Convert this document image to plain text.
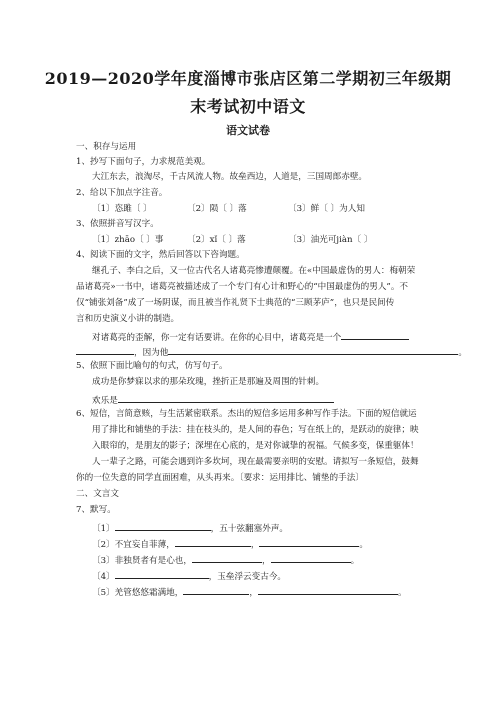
2019—2020学年度淄博市张店区第二学期初三年级期
末考试初中语文
语文试卷
一、积存与运用
1、抄写下面句子，力求规范美观。
大江东去，浪淘尽，千古风流人物。故垒西边，人道是，三国周郎赤壁。
2、给以下加点字注音。
〔1〕恣雎〔 〕	〔2〕陨〔 〕落	〔3〕鲜〔 〕为人知
3、依照拼音写汉字。
〔1〕zhāo〔 〕事	〔2〕xǐ〔 〕落	〔3〕油光可jiàn〔 〕
4、阅读下面的文字，然后回答以下咨询题。
继孔子、李白之后，又一位古代名人诸葛亮惨遭颠覆。在«中国最虚伪的男人：梅朝荣
品诸葛亮»一书中，诸葛亮被描述成了一个专门有心计和野心的“中国最虚伪的男人”。不
仅“铺张刘备”成了一场阴谋，而且被当作礼贤下士典范的“三顾茅庐”，也只是民间传
言和历史演义小讲的制造。
对诸葛亮的歪解，你一定有话要讲。在你的心目中，诸葛亮是一个
，因为他	。
5、依照下面比喻句的句式，仿写句子。
成功是你梦寐以求的那朵玫瑰，挫折正是那遍及周围的针刺。
欢乐是
6、短信，言简意赅，与生活紧密联系。杰出的短信多运用多种写作手法。下面的短信就运
用了排比和铺垫的手法：挂在枝头的，是人间的春色；写在纸上的，是跃动的旋律；映
入眼帘的，是朋友的影子；深埋在心底的，是对你诚挚的祝福。气候多变，保重躯体！
人一辈子之路，可能会遇到许多坎坷，现在最需要亲明的安慰。请拟写一条短信，鼓舞
你的一位失意的同学直面困难，从头再来。〔要求：运用排比、铺垫的手法〕
二、文言文
7、默写。
〔1〕	，五十弦翻塞外声。
〔2〕不宜妄自菲薄，	，	。
〔3〕非独贤者有是心也，	，	。
〔4〕	，玉垒浮云变古今。
〔5〕羌管悠悠霜满地，	，	。
